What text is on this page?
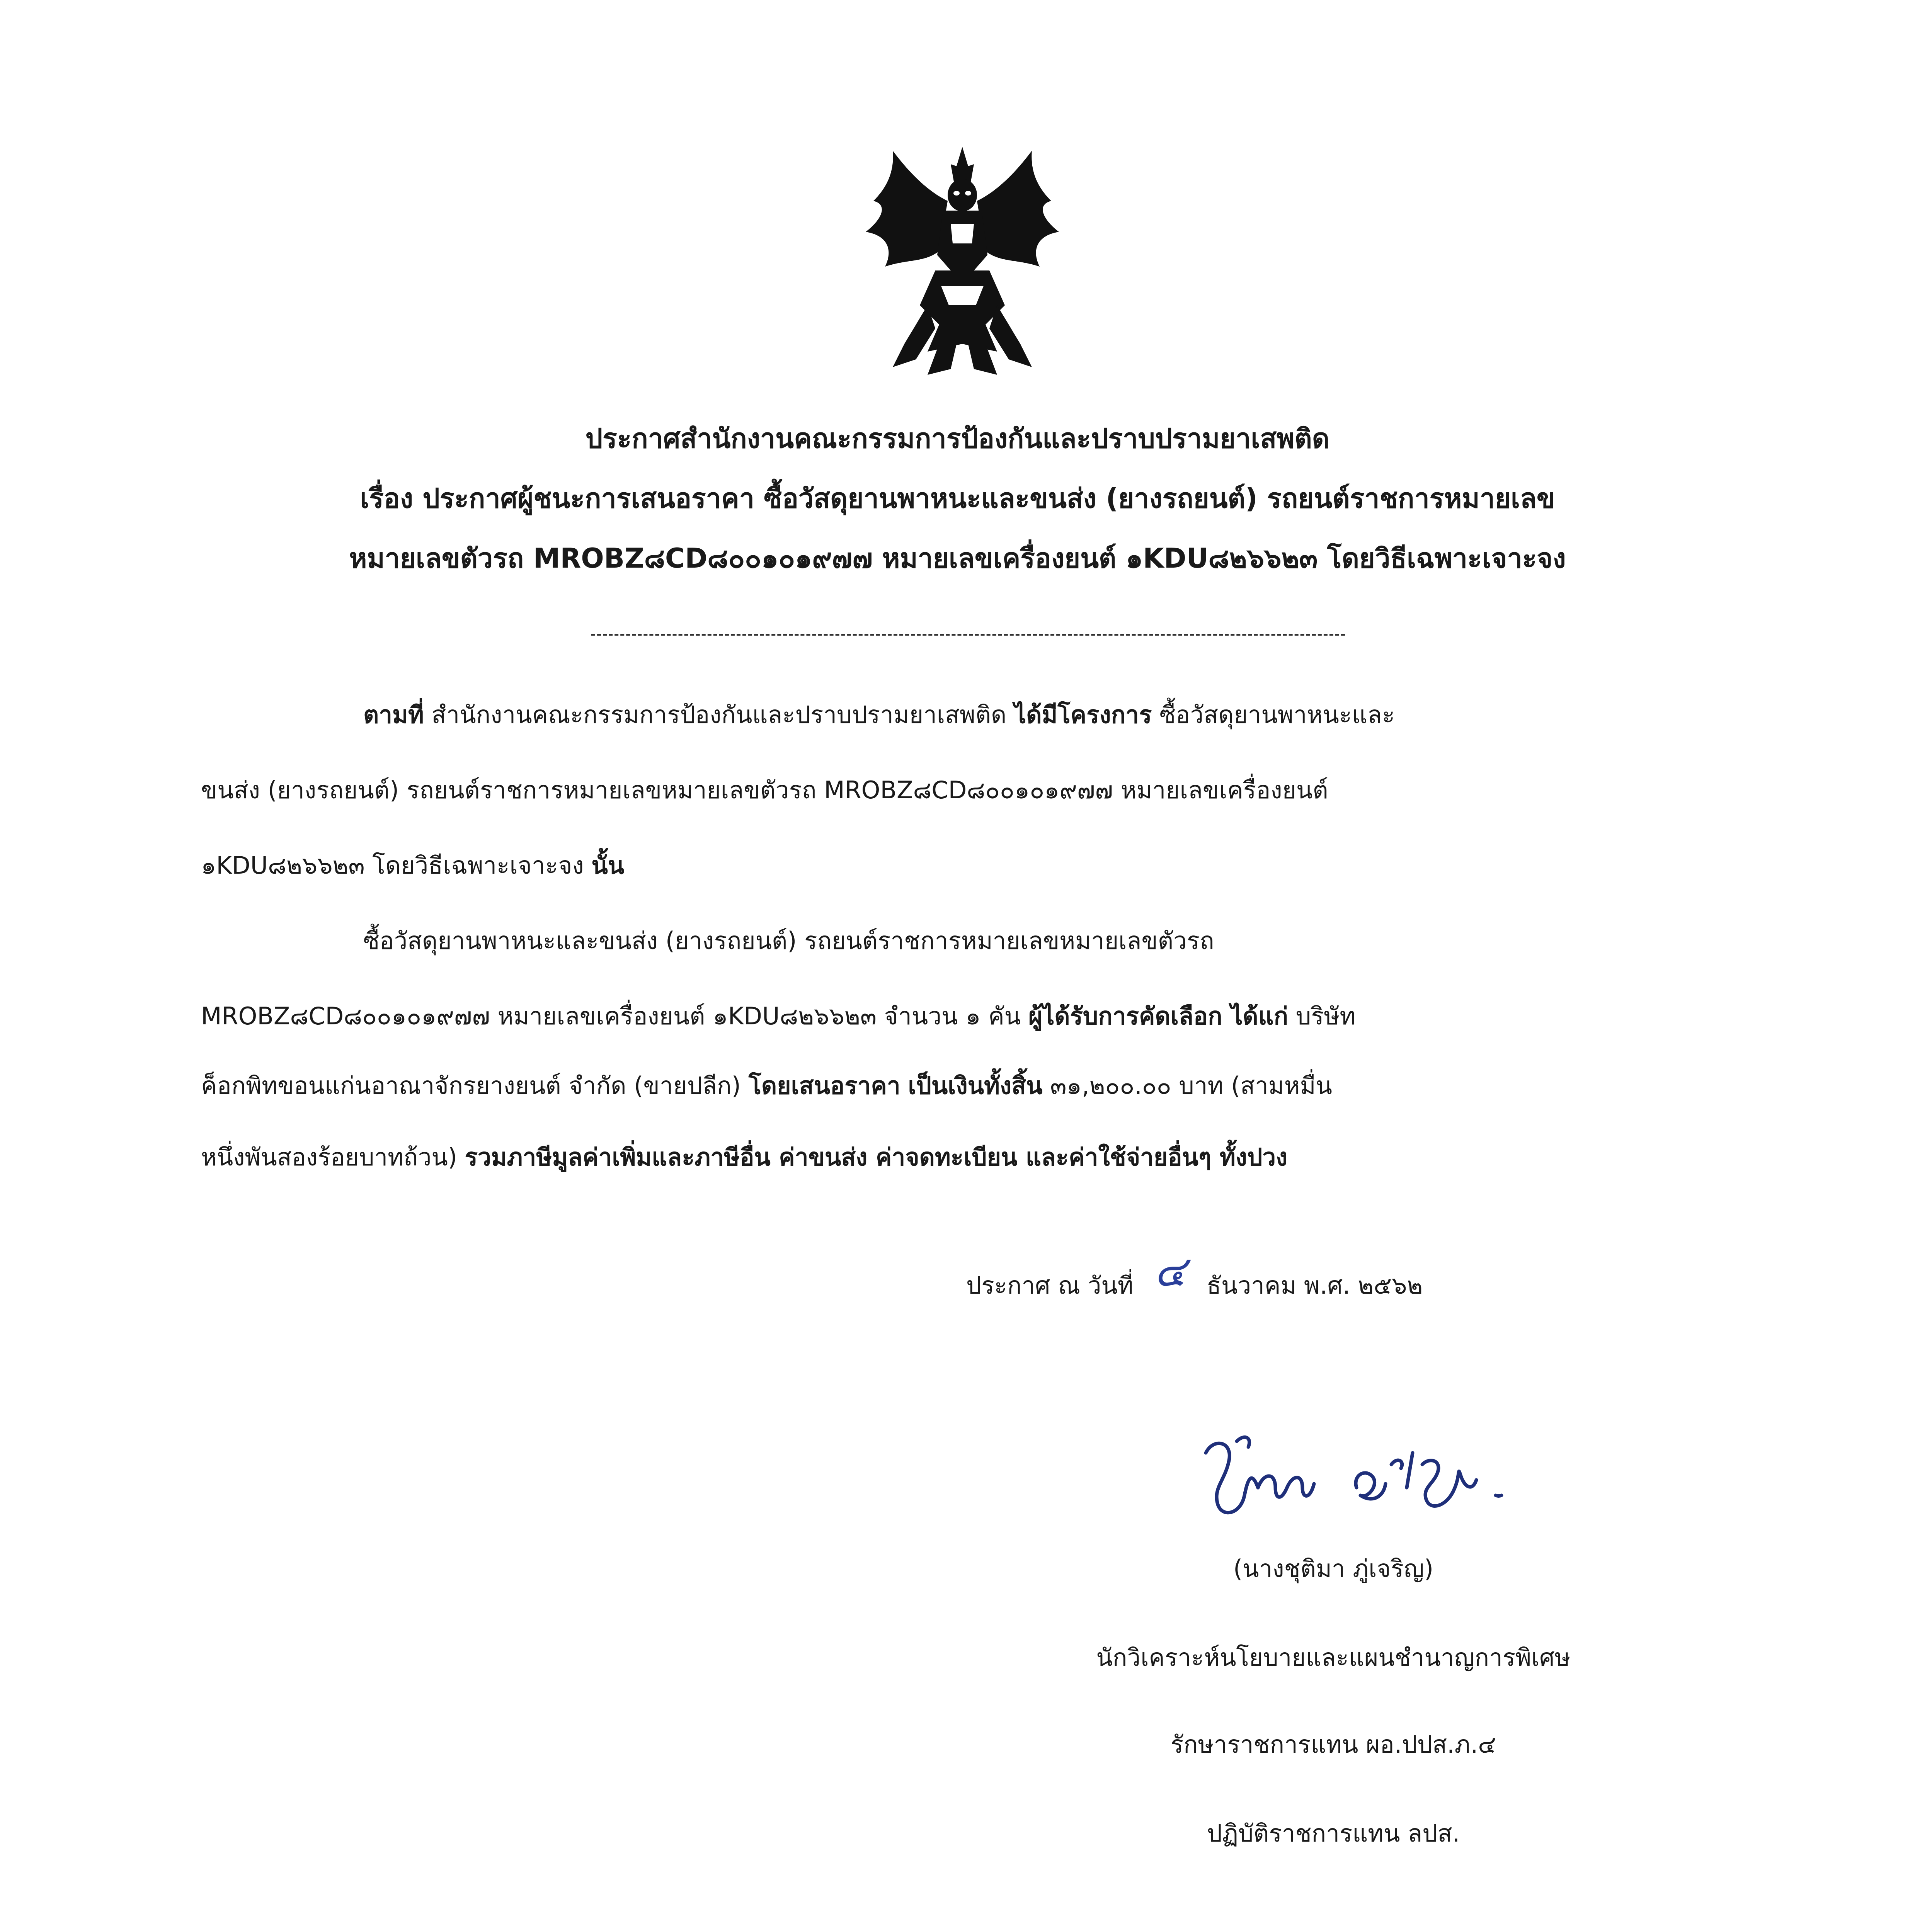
ประกาศสำนักงานคณะกรรมการป้องกันและปราบปรามยาเสพติด
เรื่อง ประกาศผู้ชนะการเสนอราคา ซื้อวัสดุยานพาหนะและขนส่ง (ยางรถยนต์) รถยนต์ราชการหมายเลข
หมายเลขตัวรถ MROBZ๘CD๘๐๐๑๐๑๙๗๗ หมายเลขเครื่องยนต์ ๑KDU๘๒๖๖๒๓ โดยวิธีเฉพาะเจาะจง
ตามที่ สำนักงานคณะกรรมการป้องกันและปราบปรามยาเสพติด ได้มีโครงการ ซื้อวัสดุยานพาหนะและ
ขนส่ง (ยางรถยนต์) รถยนต์ราชการหมายเลขหมายเลขตัวรถ MROBZ๘CD๘๐๐๑๐๑๙๗๗ หมายเลขเครื่องยนต์
๑KDU๘๒๖๖๒๓ โดยวิธีเฉพาะเจาะจง นั้น
ซื้อวัสดุยานพาหนะและขนส่ง (ยางรถยนต์) รถยนต์ราชการหมายเลขหมายเลขตัวรถ
MROBZ๘CD๘๐๐๑๐๑๙๗๗ หมายเลขเครื่องยนต์ ๑KDU๘๒๖๖๒๓ จำนวน ๑ คัน ผู้ได้รับการคัดเลือก ได้แก่ บริษัท
ค็อกพิทขอนแก่นอาณาจักรยางยนต์ จำกัด (ขายปลีก) โดยเสนอราคา เป็นเงินทั้งสิ้น ๓๑,๒๐๐.๐๐ บาท (สามหมื่น
หนึ่งพันสองร้อยบาทถ้วน) รวมภาษีมูลค่าเพิ่มและภาษีอื่น ค่าขนส่ง ค่าจดทะเบียน และค่าใช้จ่ายอื่นๆ ทั้งปวง
ประกาศ ณ วันที่ ๔ ธันวาคม พ.ศ. ๒๕๖๒
(นางชุติมา ภู่เจริญ)
นักวิเคราะห์นโยบายและแผนชำนาญการพิเศษ
รักษาราชการแทน ผอ.ปปส.ภ.๔
ปฏิบัติราชการแทน ลปส.
